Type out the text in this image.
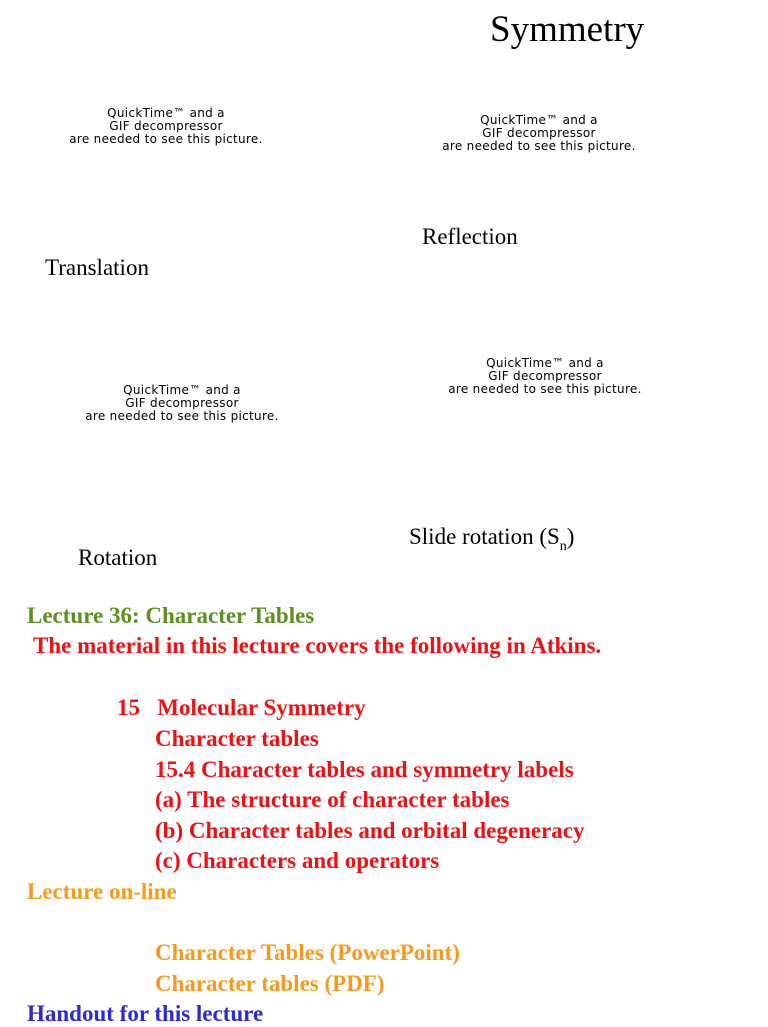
Symmetry
QuickTime™ and a
GIF decompressor
are needed to see this picture.
QuickTime™ and a
GIF decompressor
are needed to see this picture.
QuickTime™ and a
GIF decompressor
are needed to see this picture.
QuickTime™ and a
GIF decompressor
are needed to see this picture.
Reflection
Translation
Rotation
Slide rotation $(S_n)$
Lecture 36: Character Tables
The material in this lecture covers the following in Atkins.
15   Molecular Symmetry
Character tables
15.4 Character tables and symmetry labels
(a) The structure of character tables
(b) Character tables and orbital degeneracy
(c) Characters and operators
Lecture on-line
Character Tables (PowerPoint)
Character tables (PDF)
Handout for this lecture
